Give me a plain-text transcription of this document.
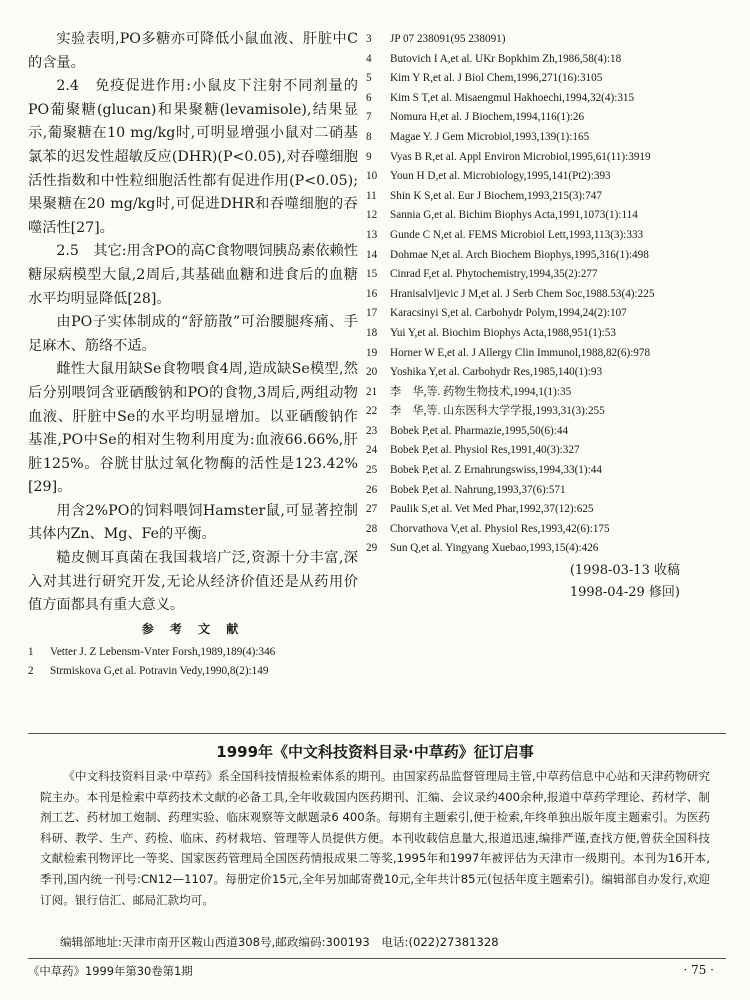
实验表明,PO多糖亦可降低小鼠血液、肝脏中C的含量。

2.4　免疫促进作用:小鼠皮下注射不同剂量的PO葡聚糖(glucan)和果聚糖(levamisole),结果显示,葡聚糖在10 mg/kg时,可明显增强小鼠对二硝基氯苯的迟发性超敏反应(DHR)(P<0.05),对吞噬细胞活性指数和中性粒细胞活性都有促进作用(P<0.05);果聚糖在20 mg/kg时,可促进DHR和吞噬细胞的吞噬活性[27]。

2.5　其它:用含PO的高C食物喂饲胰岛素依赖性糖尿病模型大鼠,2周后,其基础血糖和进食后的血糖水平均明显降低[28]。

由PO子实体制成的“舒筋散”可治腰腿疼痛、手足麻木、筋络不适。

雌性大鼠用缺Se食物喂食4周,造成缺Se模型,然后分别喂饲含亚硒酸钠和PO的食物,3周后,两组动物血液、肝脏中Se的水平均明显增加。以亚硒酸钠作基准,PO中Se的相对生物利用度为:血液66.66%,肝脏125%。谷胱甘肽过氧化物酶的活性是123.42%[29]。

用含2%PO的饲料喂饲Hamster鼠,可显著控制其体内Zn、Mg、Fe的平衡。

糙皮侧耳真菌在我国栽培广泛,资源十分丰富,深入对其进行研究开发,无论从经济价值还是从药用价值方面都具有重大意义。

参 考 文 献
1	Vetter J. Z Lebensm-Vnter Forsh,1989,189(4):346
2	Strmiskova G,et al. Potravin Vedy,1990,8(2):149
3	JP 07 238091(95 238091)
4	Butovich I A,et al. UKr Bopkhim Zh,1986,58(4):18
5	Kim Y R,et al. J Biol Chem,1996,271(16):3105
6	Kim S T,et al. Misaengmul Hakhoechi,1994,32(4):315
7	Nomura H,et al. J Biochem,1994,116(1):26
8	Magae Y. J Gem Microbiol,1993,139(1):165
9	Vyas B R,et al. Appl Environ Microbiol,1995,61(11):3919
10	Youn H D,et al. Microbiology,1995,141(Pt2):393
11	Shin K S,et al. Eur J Biochem,1993,215(3):747
12	Sannia G,et al. Bichim Biophys Acta,1991,1073(1):114
13	Gunde C N,et al. FEMS Microbiol Lett,1993,113(3):333
14	Dohmae N,et al. Arch Biochem Biophys,1995,316(1):498
15	Cinrad F,et al. Phytochemistry,1994,35(2):277
16	Hranisalvljevic J M,et al. J Serb Chem Soc,1988.53(4):225
17	Karacsinyi S,et al. Carbohydr Polym,1994,24(2):107
18	Yui Y,et al. Biochim Biophys Acta,1988,951(1):53
19	Horner W E,et al. J Allergy Clin Immunol,1988,82(6):978
20	Yoshika Y,et al. Carbohydr Res,1985,140(1):93
21	李　华,等. 药物生物技术,1994,1(1):35
22	李　华,等. 山东医科大学学报,1993,31(3):255
23	Bobek P,et al. Pharmazie,1995,50(6):44
24	Bobek P,et al. Physiol Res,1991,40(3):327
25	Bobek P,et al. Z Ernahrungswiss,1994,33(1):44
26	Bobek P,et al. Nahrung,1993,37(6):571
27	Paulik S,et al. Vet Med Phar,1992,37(12):625
28	Chorvathova V,et al. Physiol Res,1993,42(6):175
29	Sun Q,et al. Yingyang Xuebao,1993,15(4):426
(1998-03-13 收稿
1998-04-29 修回)
1999年《中文科技资料目录·中草药》征订启事

《中文科技资料目录·中草药》系全国科技情报检索体系的期刊。由国家药品监督管理局主管,中草药信息中心站和天津药物研究院主办。本刊是检索中草药技术文献的必备工具,全年收载国内医药期刊、汇编、会议录约400余种,报道中草药学理论、药材学、制剂工艺、药材加工炮制、药理实验、临床观察等文献题录6 400条。每期有主题索引,便于检索,年终单独出版年度主题索引。为医药科研、教学、生产、药检、临床、药材栽培、管理等人员提供方便。本刊收载信息量大,报道迅速,编排严谨,查找方便,曾获全国科技文献检索刊物评比一等奖、国家医药管理局全国医药情报成果二等奖,1995年和1997年被评估为天津市一级期刊。本刊为16开本,季刊,国内统一刊号:CN12—1107。每册定价15元,全年另加邮寄费10元,全年共计85元(包括年度主题索引)。编辑部自办发行,欢迎订阅。银行信汇、邮局汇款均可。

编辑部地址:天津市南开区鞍山西道308号,邮政编码:300193　电话:(022)27381328
《中草药》1999年第30卷第1期	· 75 ·
